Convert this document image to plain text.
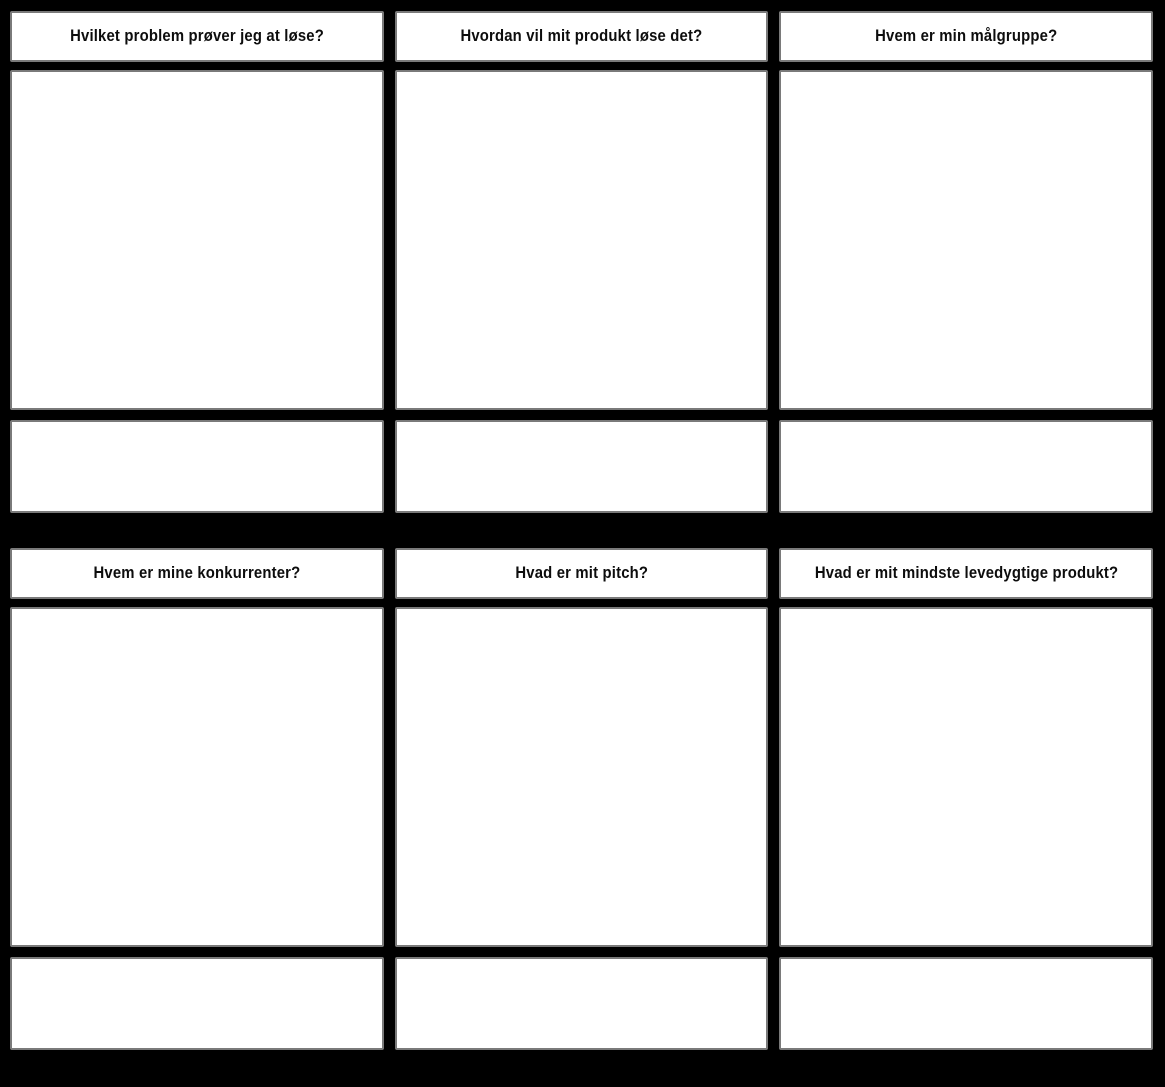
Hvilket problem prøver jeg at løse?	Hvordan vil mit produkt løse det?	Hvem er min målgruppe?
Hvem er mine konkurrenter?	Hvad er mit pitch?	Hvad er mit mindste levedygtige produkt?
